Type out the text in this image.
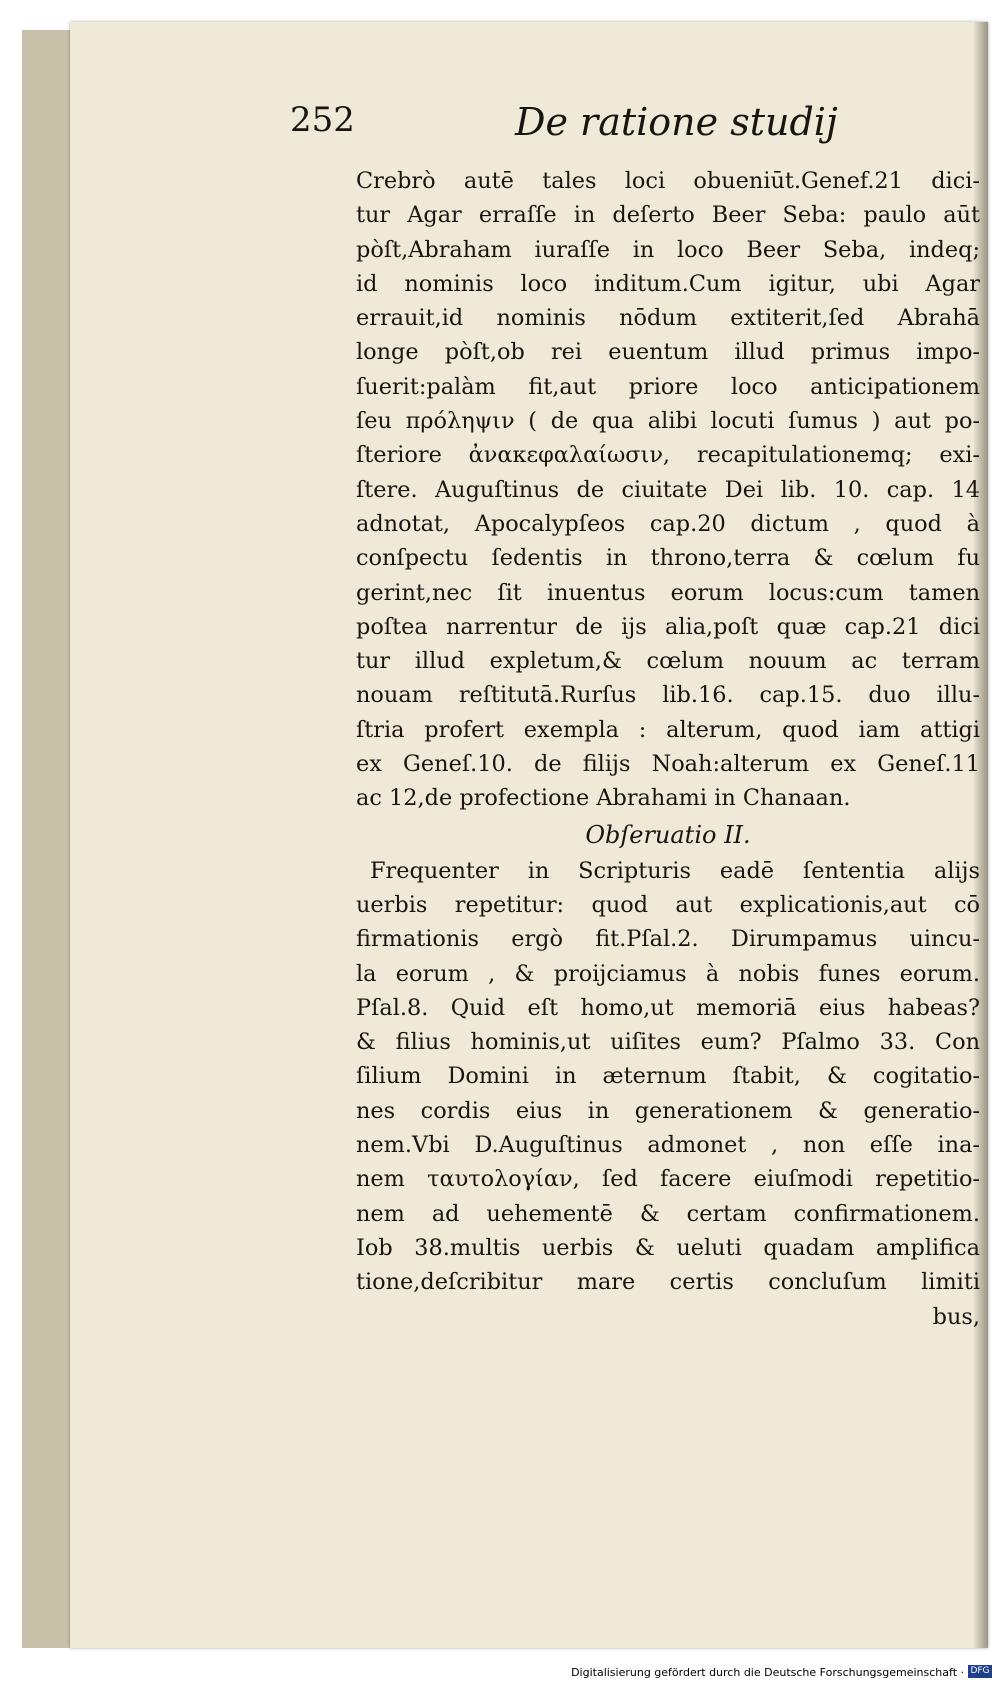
252	De ratione studij
Crebrò autē tales loci obueniūt.Genef.21 dici-
tur Agar erraſſe in deſerto Beer Seba: paulo aūt
pòſt,Abraham iuraſſe in loco Beer Seba, indeq;
id nominis loco inditum.Cum igitur, ubi Agar
errauit,id nominis nōdum extiterit,ſed Abrahā
longe pòſt,ob rei euentum illud primus impo-
ſuerit:palàm fit,aut priore loco anticipationem
ſeu πρόληψιν ( de qua alibi locuti ſumus ) aut po-
ſteriore ἀνακεφαλαίωσιν, recapitulationemq; exi-
ſtere. Auguſtinus de ciuitate Dei lib. 10. cap. 14
adnotat, Apocalypſeos cap.20 dictum , quod à
conſpectu ſedentis in throno,terra & cœlum fu
gerint,nec ſit inuentus eorum locus:cum tamen
poſtea narrentur de ijs alia,poſt quæ cap.21 dici
tur illud expletum,& cœlum nouum ac terram
nouam reſtitutā.Rurſus lib.16. cap.15. duo illu-
ſtria profert exempla : alterum, quod iam attigi
ex Geneſ.10. de filijs Noah:alterum ex Geneſ.11
ac 12,de profectione Abrahami in Chanaan.
Obſeruatio II.
Frequenter in Scripturis eadē ſententia alijs
uerbis repetitur: quod aut explicationis,aut cō
firmationis ergò fit.Pſal.2. Dirumpamus uincu-
la eorum , & proijciamus à nobis funes eorum.
Pſal.8. Quid eſt homo,ut memoriā eius habeas?
& filius hominis,ut uiſites eum? Pſalmo 33. Con
ſilium Domini in æternum ſtabit, & cogitatio-
nes cordis eius in generationem & generatio-
nem.Vbi D.Auguſtinus admonet , non eſſe ina-
nem ταυτολογίαν, ſed facere eiuſmodi repetitio-
nem ad uehementē & certam confirmationem.
Iob 38.multis uerbis & ueluti quadam amplifica
tione,deſcribitur mare certis concluſum limiti
bus,
Digitalisierung gefördert durch die Deutsche Forschungsgemeinschaft · DFG
